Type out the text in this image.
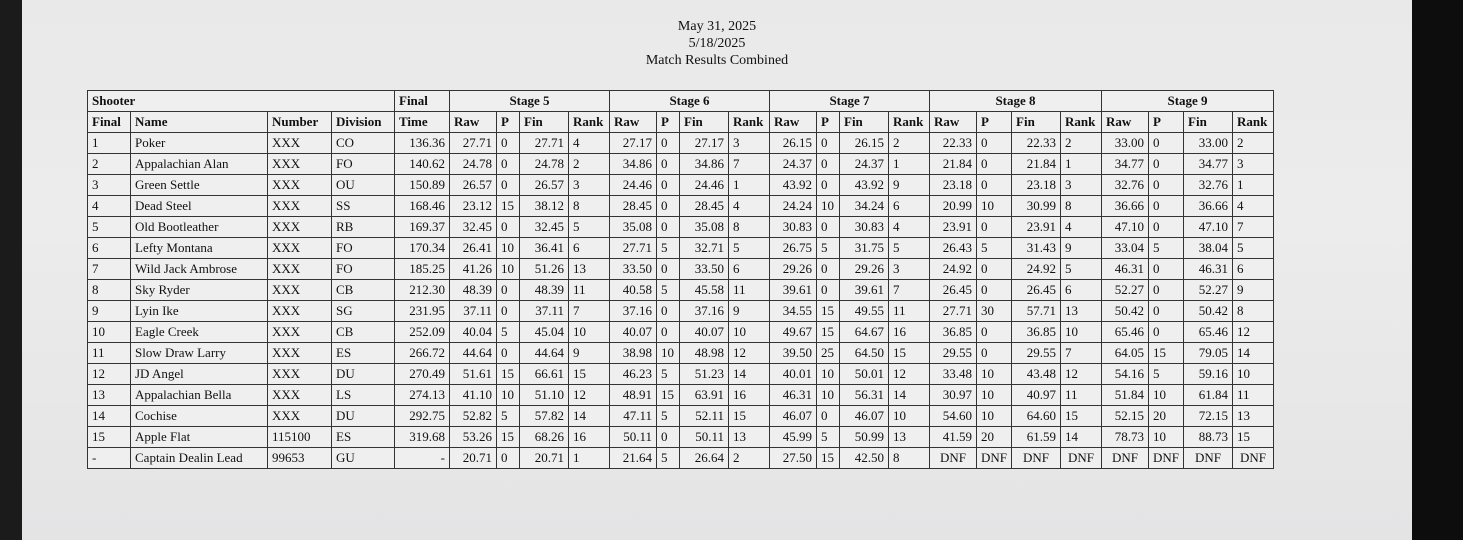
May 31, 2025
5/18/2025
Match Results Combined
Shooter				Final	Stage 5				Stage 6				Stage 7				Stage 8				Stage 9			
Final	Name	Number	Division	Time	Raw	P	Fin	Rank	Raw	P	Fin	Rank	Raw	P	Fin	Rank	Raw	P	Fin	Rank	Raw	P	Fin	Rank
1	Poker	XXX	CO	136.36	27.71	0	27.71	4	27.17	0	27.17	3	26.15	0	26.15	2	22.33	0	22.33	2	33.00	0	33.00	2
2	Appalachian Alan	XXX	FO	140.62	24.78	0	24.78	2	34.86	0	34.86	7	24.37	0	24.37	1	21.84	0	21.84	1	34.77	0	34.77	3
3	Green Settle	XXX	OU	150.89	26.57	0	26.57	3	24.46	0	24.46	1	43.92	0	43.92	9	23.18	0	23.18	3	32.76	0	32.76	1
4	Dead Steel	XXX	SS	168.46	23.12	15	38.12	8	28.45	0	28.45	4	24.24	10	34.24	6	20.99	10	30.99	8	36.66	0	36.66	4
5	Old Bootleather	XXX	RB	169.37	32.45	0	32.45	5	35.08	0	35.08	8	30.83	0	30.83	4	23.91	0	23.91	4	47.10	0	47.10	7
6	Lefty Montana	XXX	FO	170.34	26.41	10	36.41	6	27.71	5	32.71	5	26.75	5	31.75	5	26.43	5	31.43	9	33.04	5	38.04	5
7	Wild Jack Ambrose	XXX	FO	185.25	41.26	10	51.26	13	33.50	0	33.50	6	29.26	0	29.26	3	24.92	0	24.92	5	46.31	0	46.31	6
8	Sky Ryder	XXX	CB	212.30	48.39	0	48.39	11	40.58	5	45.58	11	39.61	0	39.61	7	26.45	0	26.45	6	52.27	0	52.27	9
9	Lyin Ike	XXX	SG	231.95	37.11	0	37.11	7	37.16	0	37.16	9	34.55	15	49.55	11	27.71	30	57.71	13	50.42	0	50.42	8
10	Eagle Creek	XXX	CB	252.09	40.04	5	45.04	10	40.07	0	40.07	10	49.67	15	64.67	16	36.85	0	36.85	10	65.46	0	65.46	12
11	Slow Draw Larry	XXX	ES	266.72	44.64	0	44.64	9	38.98	10	48.98	12	39.50	25	64.50	15	29.55	0	29.55	7	64.05	15	79.05	14
12	JD Angel	XXX	DU	270.49	51.61	15	66.61	15	46.23	5	51.23	14	40.01	10	50.01	12	33.48	10	43.48	12	54.16	5	59.16	10
13	Appalachian Bella	XXX	LS	274.13	41.10	10	51.10	12	48.91	15	63.91	16	46.31	10	56.31	14	30.97	10	40.97	11	51.84	10	61.84	11
14	Cochise	XXX	DU	292.75	52.82	5	57.82	14	47.11	5	52.11	15	46.07	0	46.07	10	54.60	10	64.60	15	52.15	20	72.15	13
15	Apple Flat	115100	ES	319.68	53.26	15	68.26	16	50.11	0	50.11	13	45.99	5	50.99	13	41.59	20	61.59	14	78.73	10	88.73	15
-	Captain Dealin Lead	99653	GU	-	20.71	0	20.71	1	21.64	5	26.64	2	27.50	15	42.50	8	DNF	DNF	DNF	DNF	DNF	DNF	DNF	DNF
